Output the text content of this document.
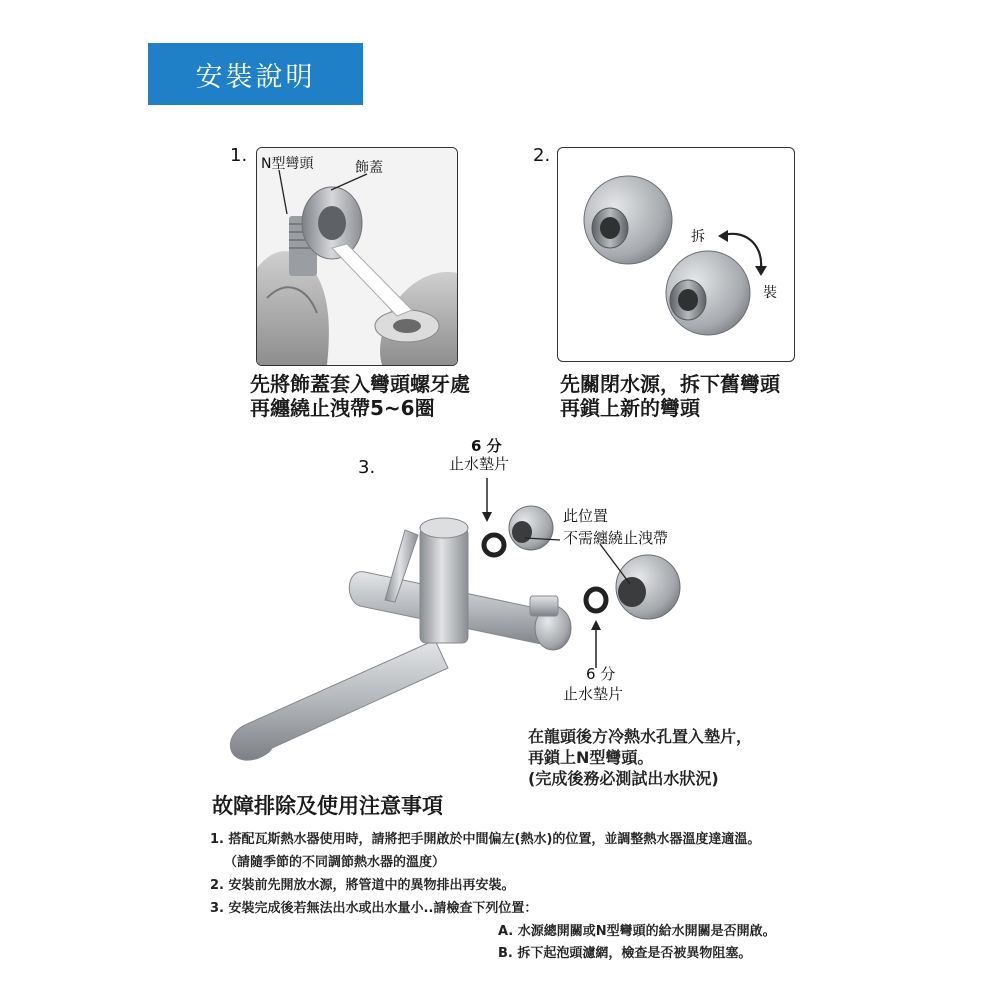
安裝說明
1. N型彎頭	飾蓋
先將飾蓋套入彎頭螺牙處
再纏繞止洩帶5~6圈
2.
拆
裝
先關閉水源，拆下舊彎頭
再鎖上新的彎頭
3.
6 分
止水墊片
此位置
不需纏繞止洩帶
6 分
止水墊片
在龍頭後方冷熱水孔置入墊片，
再鎖上N型彎頭。
(完成後務必測試出水狀況)
故障排除及使用注意事項
1. 搭配瓦斯熱水器使用時，請將把手開啟於中間偏左(熱水)的位置，並調整熱水器溫度達適溫。
（請隨季節的不同調節熱水器的溫度）
2. 安裝前先開放水源，將管道中的異物排出再安裝。
3. 安裝完成後若無法出水或出水量小..請檢查下列位置：
A. 水源總開關或N型彎頭的給水開關是否開啟。
B. 拆下起泡頭濾網，檢查是否被異物阻塞。
